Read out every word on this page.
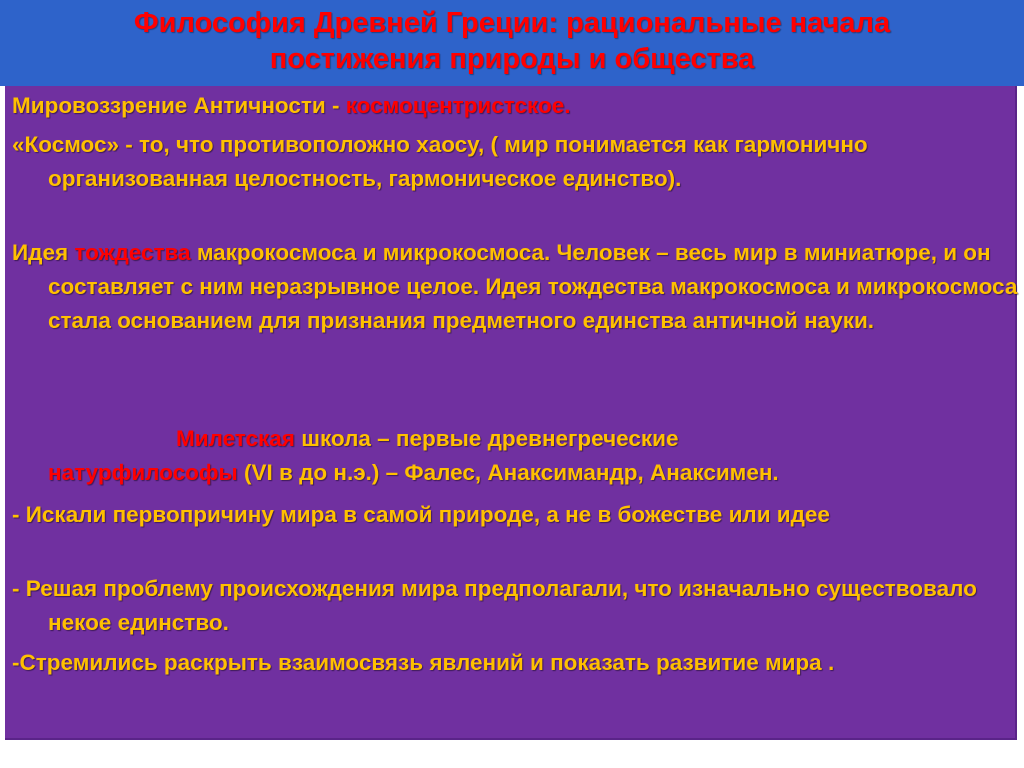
Философия Древней Греции: рациональные начала
постижения природы и общества

Мировоззрение Античности - космоцентристское.

«Космос» - то, что противоположно хаосу, ( мир понимается как гармонично организованная целостность, гармоническое единство).

Идея тождества макрокосмоса и микрокосмоса. Человек – весь мир в миниатюре, и он составляет с ним неразрывное целое. Идея тождества макрокосмоса и микрокосмоса стала основанием для признания предметного единства античной науки.

Милетская школа – первые древнегреческие
натурфилософы (VI в до н.э.) – Фалес, Анаксимандр, Анаксимен.

- Искали первопричину мира в самой природе, а не в божестве или идее

- Решая проблему происхождения мира предполагали, что изначально существовало некое единство.

-Стремились раскрыть взаимосвязь явлений и показать развитие мира .
